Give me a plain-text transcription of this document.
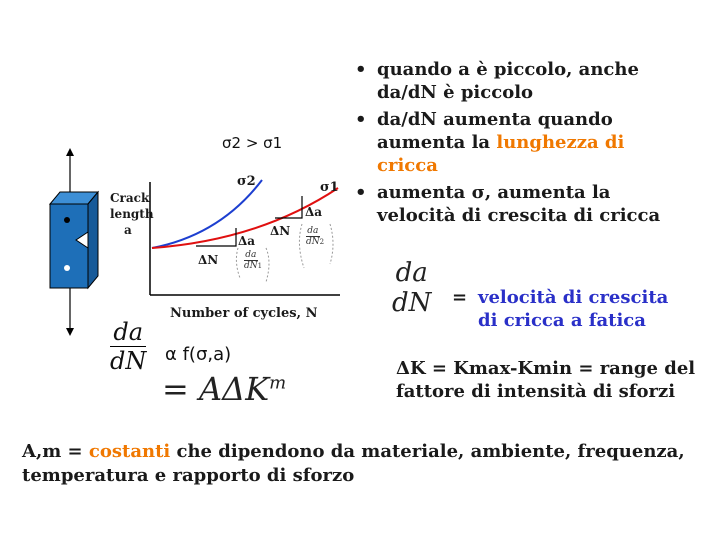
σ2 > σ1
Crack
length
a
Number of cycles, N
σ2	σ1
Δa
ΔN
Δa
ΔN
$\frac{da}{dN} 1$
$\frac{da}{dN} 2$
• quando a è piccolo, anche
da/dN è piccolo
• da/dN aumenta quando
aumenta la lunghezza di
cricca
• aumenta σ, aumenta la
velocità di crescita di cricca
da
dN = velocità di crescita
di cricca a fatica
$\frac{da}{dN}$ α f(σ,a)
= $A\Delta K^m$
ΔK = Kmax-Kmin = range del
fattore di intensità di sforzi
A,m = costanti che dipendono da materiale, ambiente, frequenza,
temperatura e rapporto di sforzo
